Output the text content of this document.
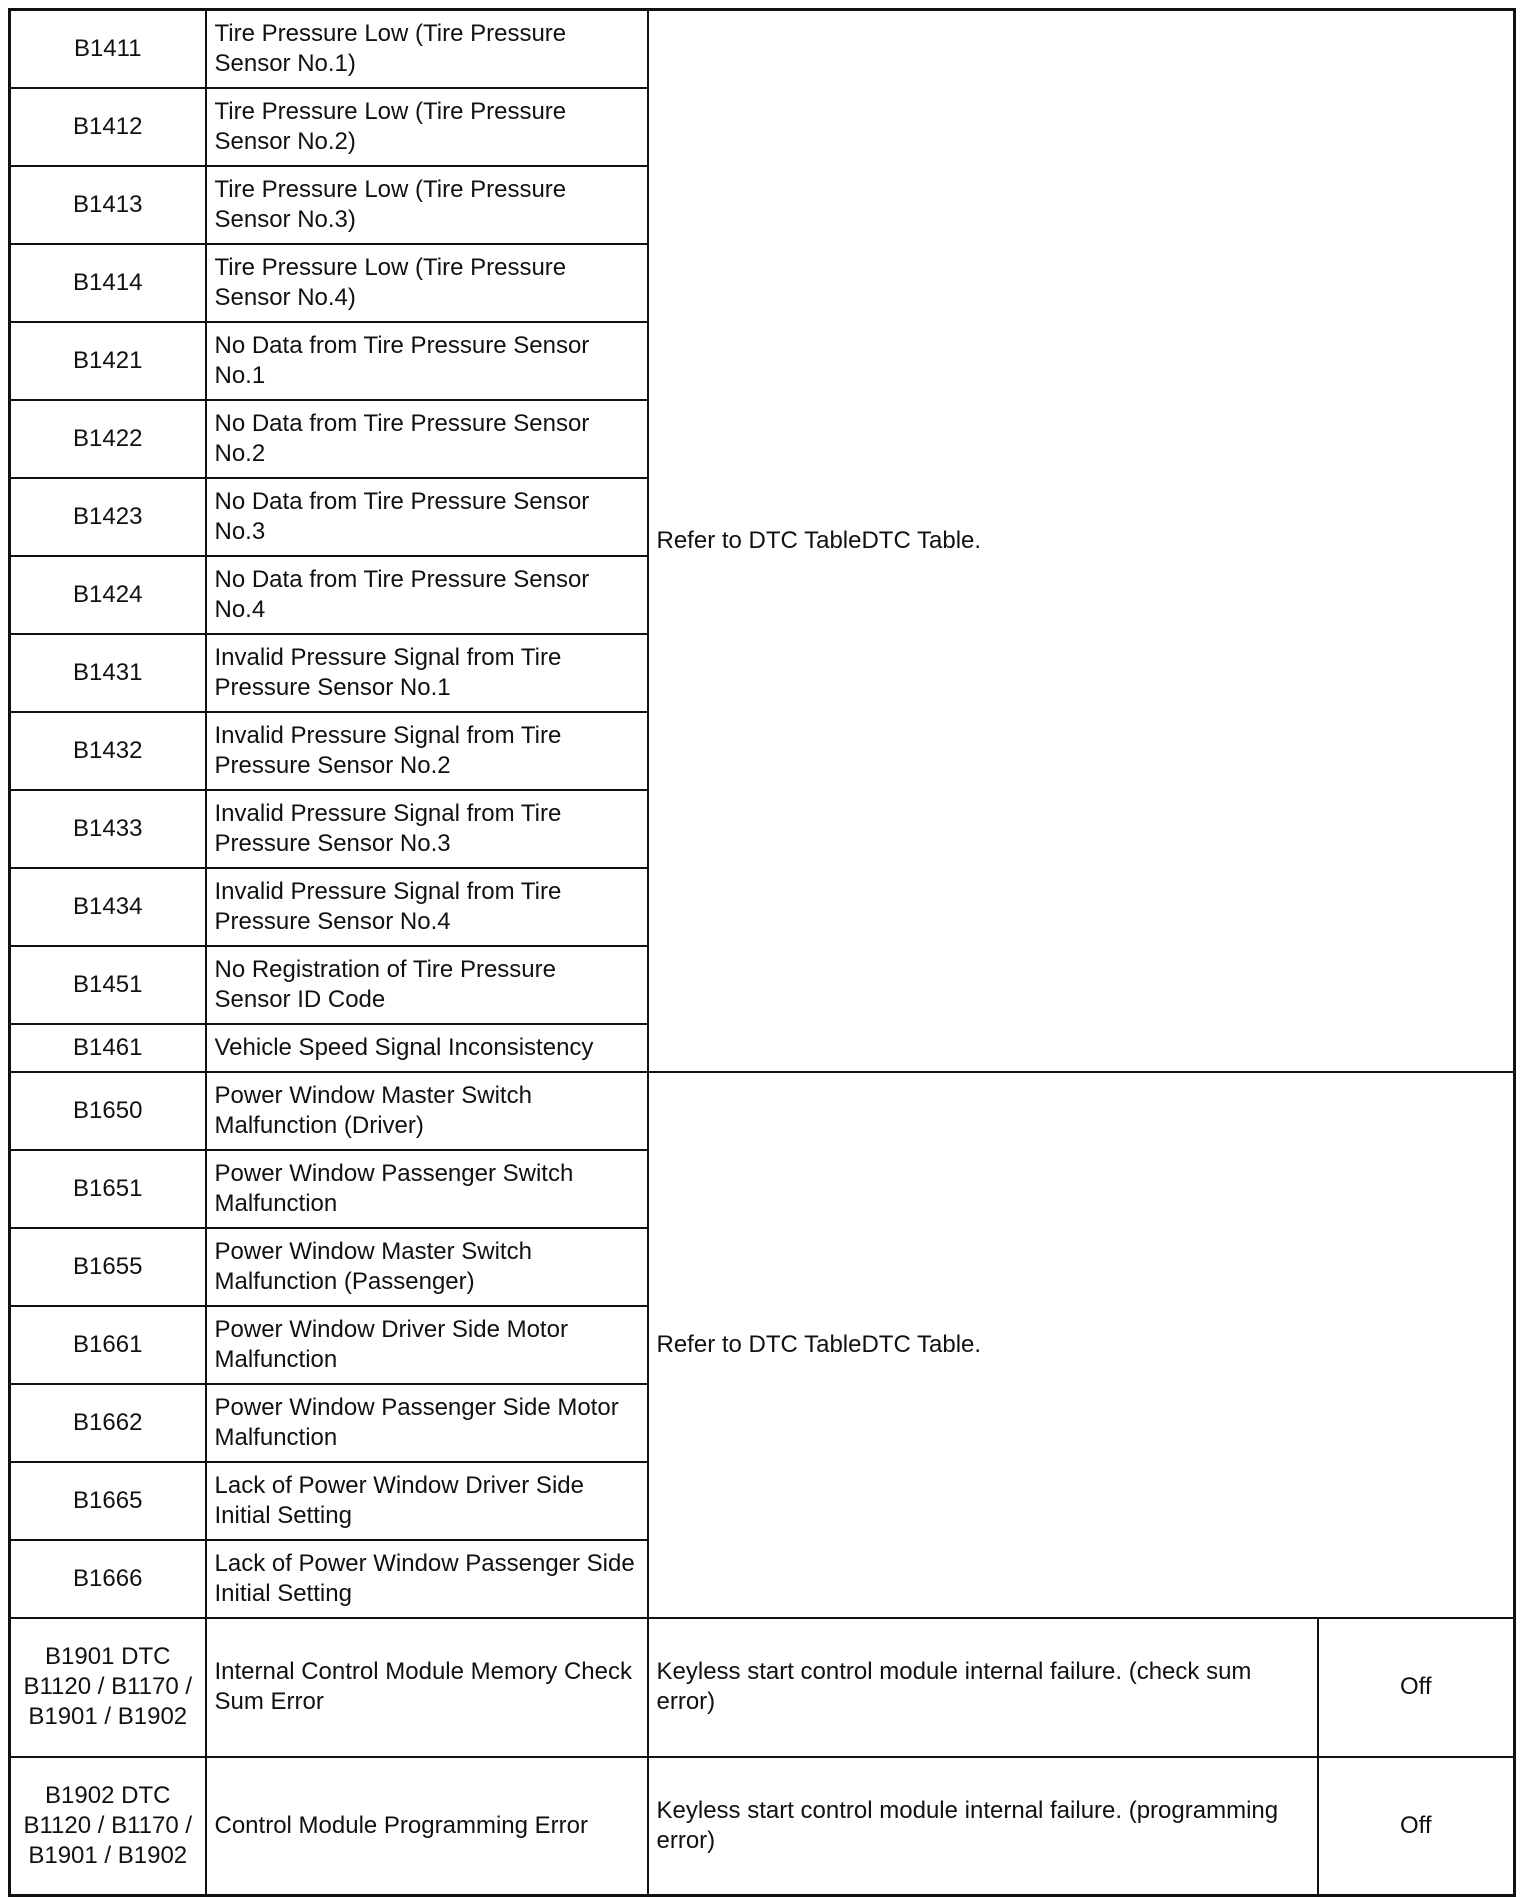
B1411	Tire Pressure Low (Tire Pressure Sensor No.1)	Refer to DTC TableDTC Table.	
B1412	Tire Pressure Low (Tire Pressure Sensor No.2)		
B1413	Tire Pressure Low (Tire Pressure Sensor No.3)		
B1414	Tire Pressure Low (Tire Pressure Sensor No.4)		
B1421	No Data from Tire Pressure Sensor No.1		
B1422	No Data from Tire Pressure Sensor No.2		
B1423	No Data from Tire Pressure Sensor No.3		
B1424	No Data from Tire Pressure Sensor No.4		
B1431	Invalid Pressure Signal from Tire Pressure Sensor No.1		
B1432	Invalid Pressure Signal from Tire Pressure Sensor No.2		
B1433	Invalid Pressure Signal from Tire Pressure Sensor No.3		
B1434	Invalid Pressure Signal from Tire Pressure Sensor No.4		
B1451	No Registration of Tire Pressure Sensor ID Code		
B1461	Vehicle Speed Signal Inconsistency		
B1650	Power Window Master Switch Malfunction (Driver)	Refer to DTC TableDTC Table.	
B1651	Power Window Passenger Switch Malfunction		
B1655	Power Window Master Switch Malfunction (Passenger)		
B1661	Power Window Driver Side Motor Malfunction		
B1662	Power Window Passenger Side Motor Malfunction		
B1665	Lack of Power Window Driver Side Initial Setting		
B1666	Lack of Power Window Passenger Side Initial Setting		
B1901 DTC B1120 / B1170 / B1901 / B1902	Internal Control Module Memory Check Sum Error	Keyless start control module internal failure. (check sum error)	Off
B1902 DTC B1120 / B1170 / B1901 / B1902	Control Module Programming Error	Keyless start control module internal failure. (programming error)	Off
